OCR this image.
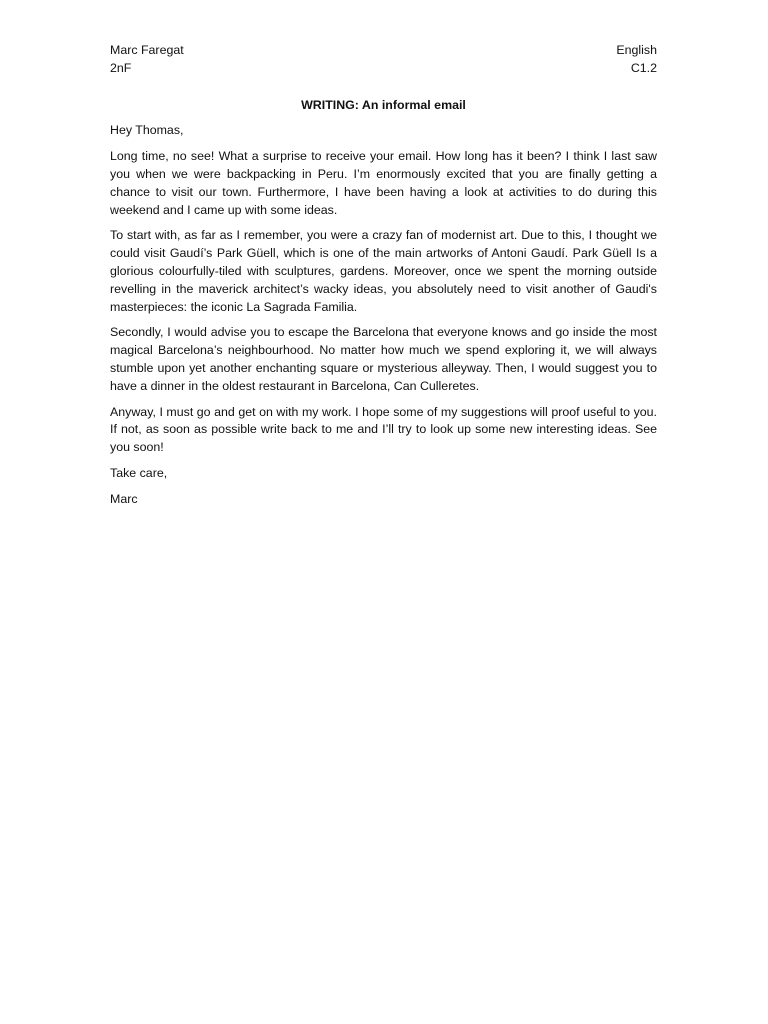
Marc Faregat	English
2nF	C1.2
WRITING: An informal email

Hey Thomas,

Long time, no see! What a surprise to receive your email. How long has it been? I think I last saw you when we were backpacking in Peru. I’m enormously excited that you are finally getting a chance to visit our town. Furthermore, I have been having a look at activities to do during this weekend and I came up with some ideas.

To start with, as far as I remember, you were a crazy fan of modernist art. Due to this, I thought we could visit Gaudí’s Park Güell, which is one of the main artworks of Antoni Gaudí. Park Güell Is a glorious colourfully-tiled with sculptures, gardens. Moreover, once we spent the morning outside revelling in the maverick architect’s wacky ideas, you absolutely need to visit another of Gaudi's masterpieces: the iconic La Sagrada Familia.

Secondly, I would advise you to escape the Barcelona that everyone knows and go inside the most magical Barcelona’s neighbourhood. No matter how much we spend exploring it, we will always stumble upon yet another enchanting square or mysterious alleyway. Then, I would suggest you to have a dinner in the oldest restaurant in Barcelona, Can Culleretes.

Anyway, I must go and get on with my work. I hope some of my suggestions will proof useful to you. If not, as soon as possible write back to me and I’ll try to look up some new interesting ideas. See you soon!

Take care,

Marc
